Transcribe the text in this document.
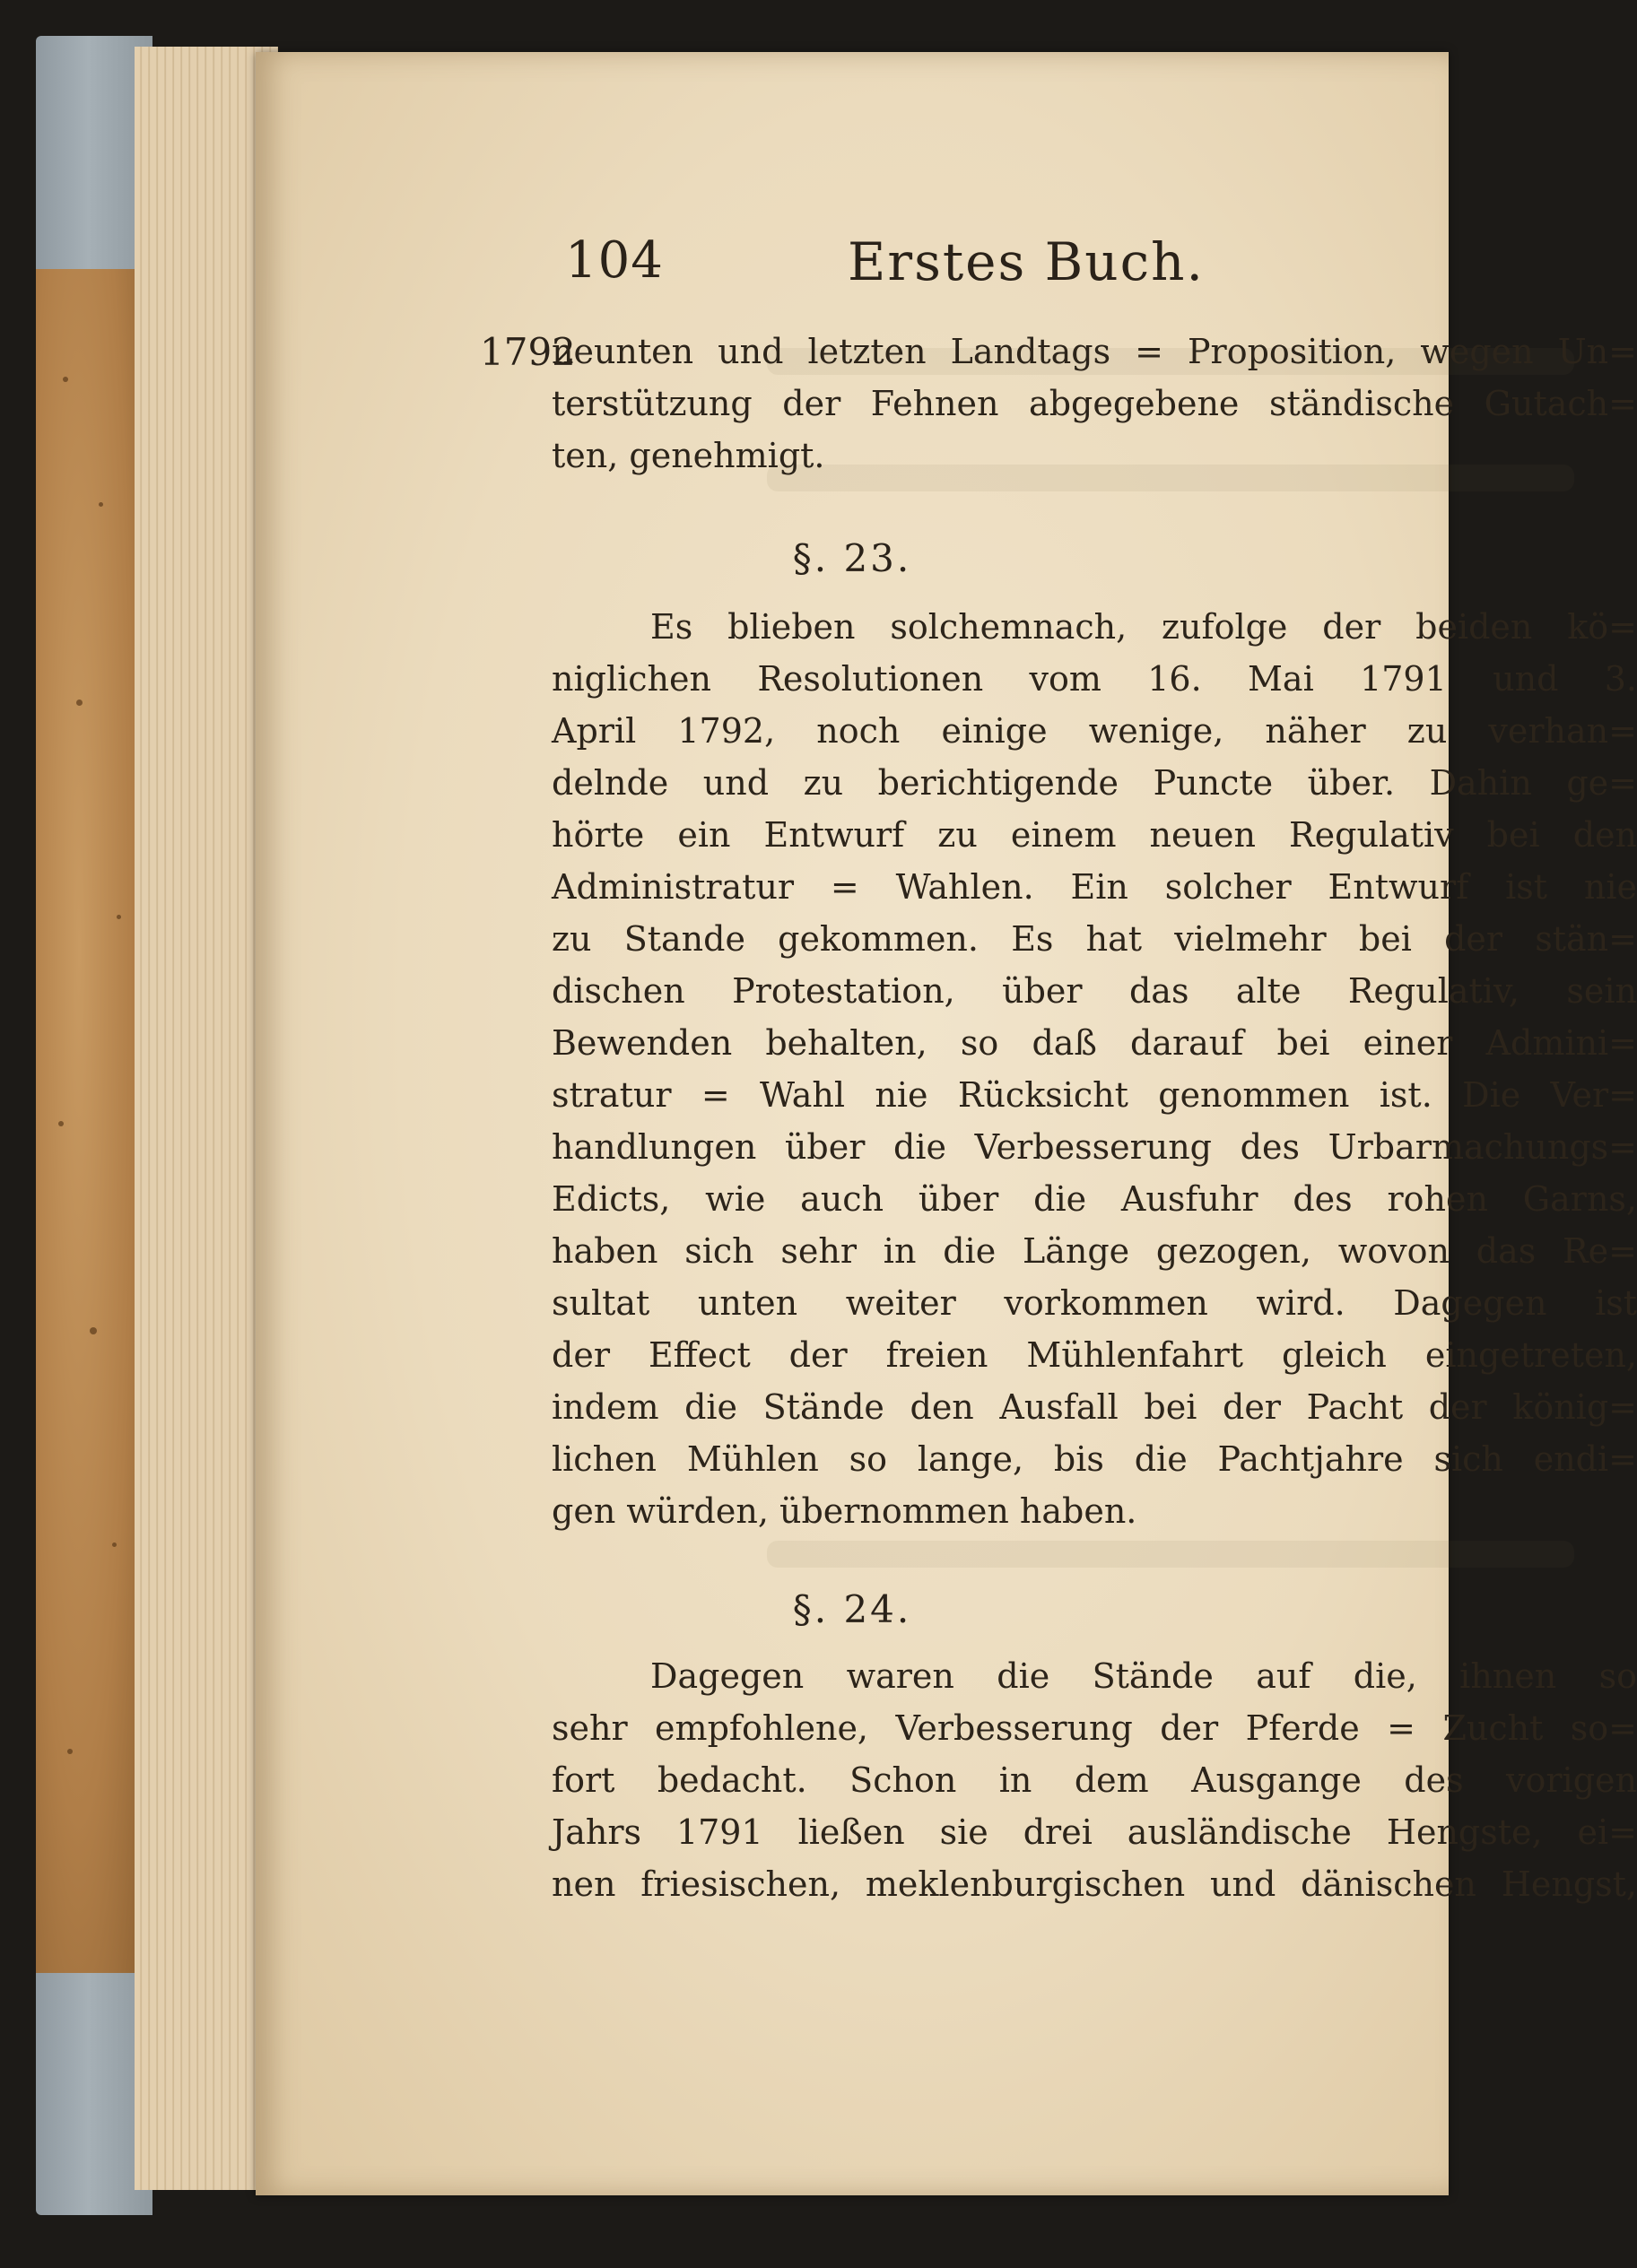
104	Erstes Buch.
1792
neunten und letzten Landtags = Proposition, wegen Un=
terstützung der Fehnen abgegebene ständische Gutach=
ten, genehmigt.
§. 23.
Es blieben solchemnach, zufolge der beiden kö=
niglichen Resolutionen vom 16. Mai 1791 und 3.
April 1792, noch einige wenige, näher zu verhan=
delnde und zu berichtigende Puncte über. Dahin ge=
hörte ein Entwurf zu einem neuen Regulativ bei den
Administratur = Wahlen. Ein solcher Entwurf ist nie
zu Stande gekommen. Es hat vielmehr bei der stän=
dischen Protestation, über das alte Regulativ, sein
Bewenden behalten, so daß darauf bei einer Admini=
stratur = Wahl nie Rücksicht genommen ist. Die Ver=
handlungen über die Verbesserung des Urbarmachungs=
Edicts, wie auch über die Ausfuhr des rohen Garns,
haben sich sehr in die Länge gezogen, wovon das Re=
sultat unten weiter vorkommen wird. Dagegen ist
der Effect der freien Mühlenfahrt gleich eingetreten,
indem die Stände den Ausfall bei der Pacht der könig=
lichen Mühlen so lange, bis die Pachtjahre sich endi=
gen würden, übernommen haben.
§. 24.
Dagegen waren die Stände auf die, ihnen so
sehr empfohlene, Verbesserung der Pferde = Zucht so=
fort bedacht. Schon in dem Ausgange des vorigen
Jahrs 1791 ließen sie drei ausländische Hengste, ei=
nen friesischen, meklenburgischen und dänischen Hengst,
